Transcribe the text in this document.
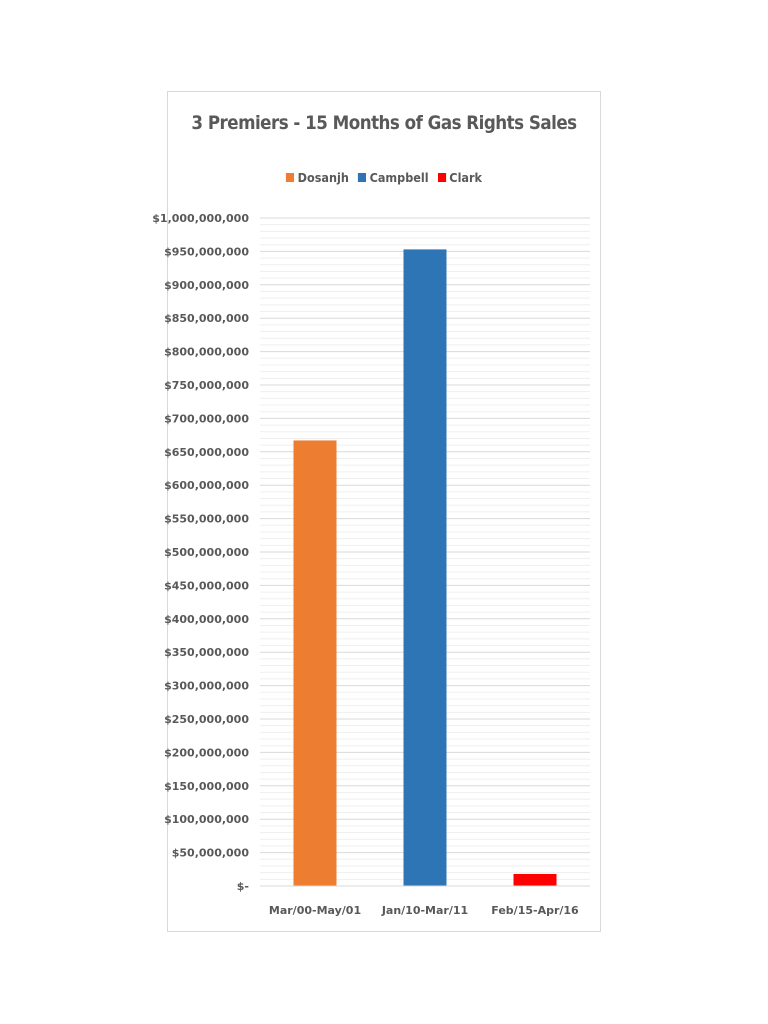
3 Premiers - 15 Months of Gas Rights Sales
Dosanjh Campbell Clark
$-
$50,000,000
$100,000,000
$150,000,000
$200,000,000
$250,000,000
$300,000,000
$350,000,000
$400,000,000
$450,000,000
$500,000,000
$550,000,000
$600,000,000
$650,000,000
$700,000,000
$750,000,000
$800,000,000
$850,000,000
$900,000,000
$950,000,000
$1,000,000,000
Mar/00-May/01 Jan/10-Mar/11 Feb/15-Apr/16
